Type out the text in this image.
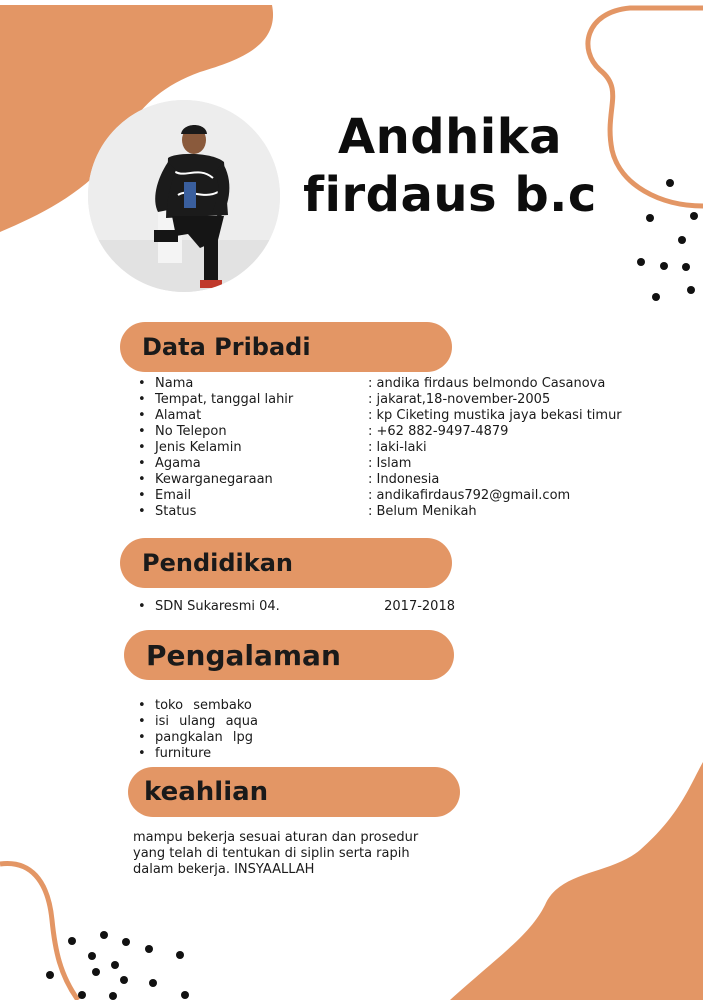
Andhika firdaus b.c
Data Pribadi
• Nama
• Tempat, tanggal lahir
• Alamat
• No Telepon
• Jenis Kelamin
• Agama
• Kewarganegaraan
• Email
• Status
: andika firdaus belmondo Casanova
: jakarat,18-november-2005
: kp Ciketing mustika jaya bekasi timur
: +62 882-9497-4879
: laki-laki
: Islam
: Indonesia
: andikafirdaus792@gmail.com
: Belum Menikah
Pendidikan
• SDN Sukaresmi 04.	2017-2018
Pengalaman
• toko sembako
• isi ulang aqua
• pangkalan lpg
• furniture
keahlian
mampu bekerja sesuai aturan dan prosedur yang telah di tentukan di siplin serta rapih dalam bekerja. INSYAALLAH
